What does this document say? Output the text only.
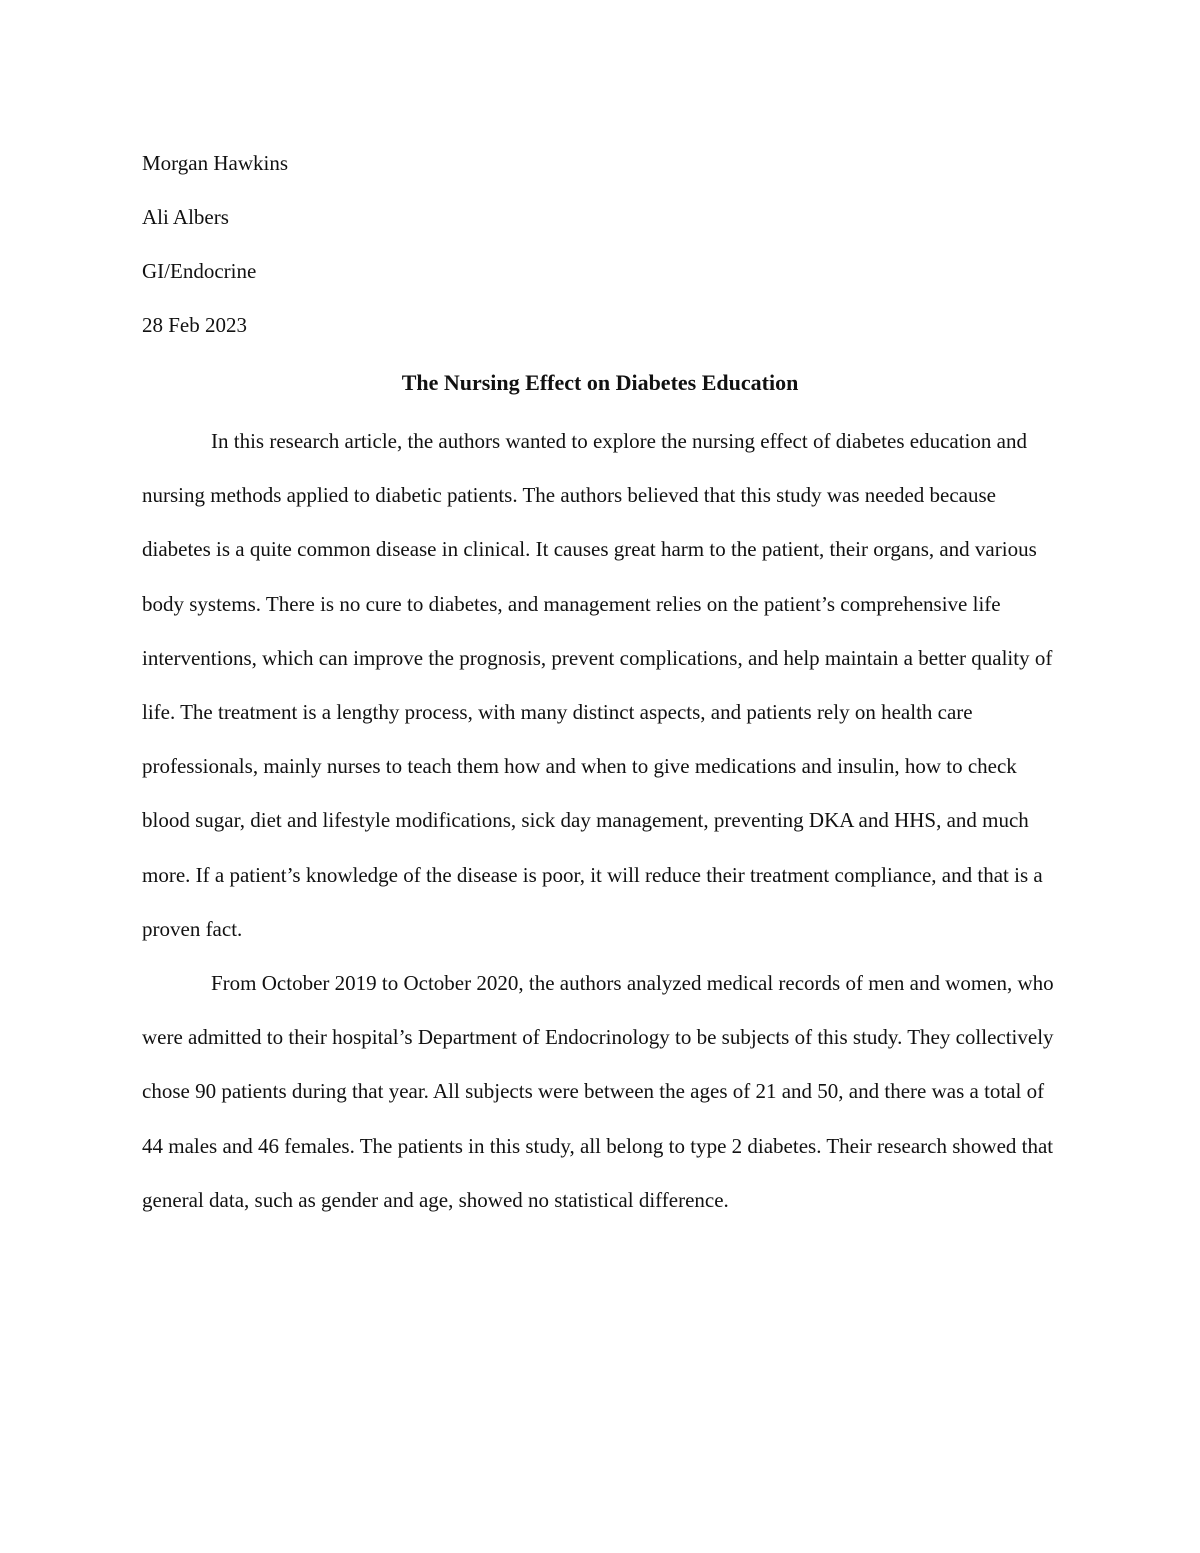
Morgan Hawkins

Ali Albers

GI/Endocrine

28 Feb 2023

The Nursing Effect on Diabetes Education

In this research article, the authors wanted to explore the nursing effect of diabetes education and nursing methods applied to diabetic patients. The authors believed that this study was needed because diabetes is a quite common disease in clinical. It causes great harm to the patient, their organs, and various body systems. There is no cure to diabetes, and management relies on the patient’s comprehensive life interventions, which can improve the prognosis, prevent complications, and help maintain a better quality of life. The treatment is a lengthy process, with many distinct aspects, and patients rely on health care professionals, mainly nurses to teach them how and when to give medications and insulin, how to check blood sugar, diet and lifestyle modifications, sick day management, preventing DKA and HHS, and much more. If a patient’s knowledge of the disease is poor, it will reduce their treatment compliance, and that is a proven fact.

From October 2019 to October 2020, the authors analyzed medical records of men and women, who were admitted to their hospital’s Department of Endocrinology to be subjects of this study. They collectively chose 90 patients during that year. All subjects were between the ages of 21 and 50, and there was a total of 44 males and 46 females. The patients in this study, all belong to type 2 diabetes. Their research showed that general data, such as gender and age, showed no statistical difference.
